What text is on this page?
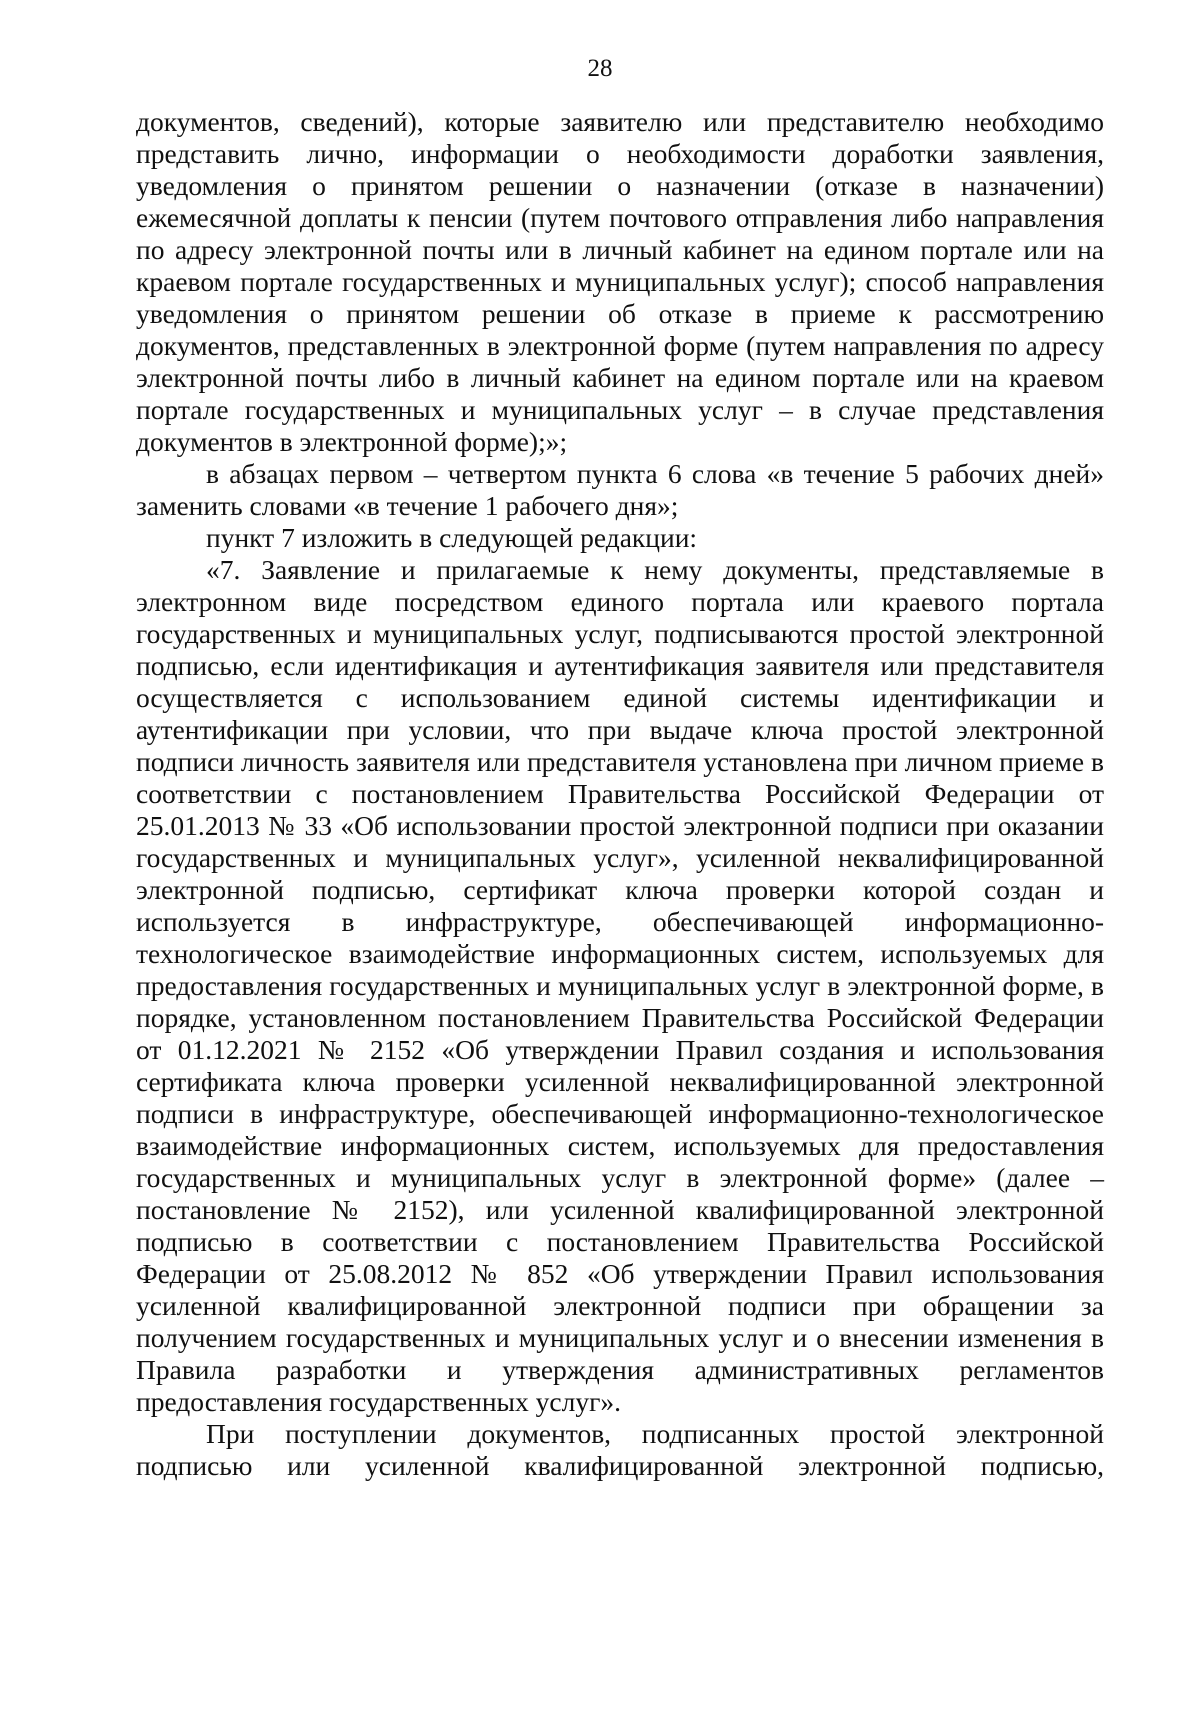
28

документов, сведений), которые заявителю или представителю необходимо представить лично, информации о необходимости доработки заявления, уведомления о принятом решении о назначении (отказе в назначении) ежемесячной доплаты к пенсии (путем почтового отправления либо направления по адресу электронной почты или в личный кабинет на едином портале или на краевом портале государственных и муниципальных услуг); способ направления уведомления о принятом решении об отказе в приеме к рассмотрению документов, представленных в электронной форме (путем направления по адресу электронной почты либо в личный кабинет на едином портале или на краевом портале государственных и муниципальных услуг – в случае представления документов в электронной форме);»;

в абзацах первом – четвертом пункта 6 слова «в течение 5 рабочих дней» заменить словами «в течение 1 рабочего дня»;

пункт 7 изложить в следующей редакции:

«7. Заявление и прилагаемые к нему документы, представляемые в электронном виде посредством единого портала или краевого портала государственных и муниципальных услуг, подписываются простой электронной подписью, если идентификация и аутентификация заявителя или представителя осуществляется с использованием единой системы идентификации и аутентификации при условии, что при выдаче ключа простой электронной подписи личность заявителя или представителя установлена при личном приеме в соответствии с постановлением Правительства Российской Федерации от 25.01.2013 № 33 «Об использовании простой электронной подписи при оказании государственных и муниципальных услуг», усиленной неквалифицированной электронной подписью, сертификат ключа проверки которой создан и используется в инфраструктуре, обеспечивающей информационно-технологическое взаимодействие информационных систем, используемых для предоставления государственных и муниципальных услуг в электронной форме, в порядке, установленном постановлением Правительства Российской Федерации от 01.12.2021 № 2152 «Об утверждении Правил создания и использования сертификата ключа проверки усиленной неквалифицированной электронной подписи в инфраструктуре, обеспечивающей информационно-технологическое взаимодействие информационных систем, используемых для предоставления государственных и муниципальных услуг в электронной форме» (далее – постановление № 2152), или усиленной квалифицированной электронной подписью в соответствии с постановлением Правительства Российской Федерации от 25.08.2012 № 852 «Об утверждении Правил использования усиленной квалифицированной электронной подписи при обращении за получением государственных и муниципальных услуг и о внесении изменения в Правила разработки и утверждения административных регламентов предоставления государственных услуг».

При поступлении документов, подписанных простой электронной подписью или усиленной квалифицированной электронной подписью,
